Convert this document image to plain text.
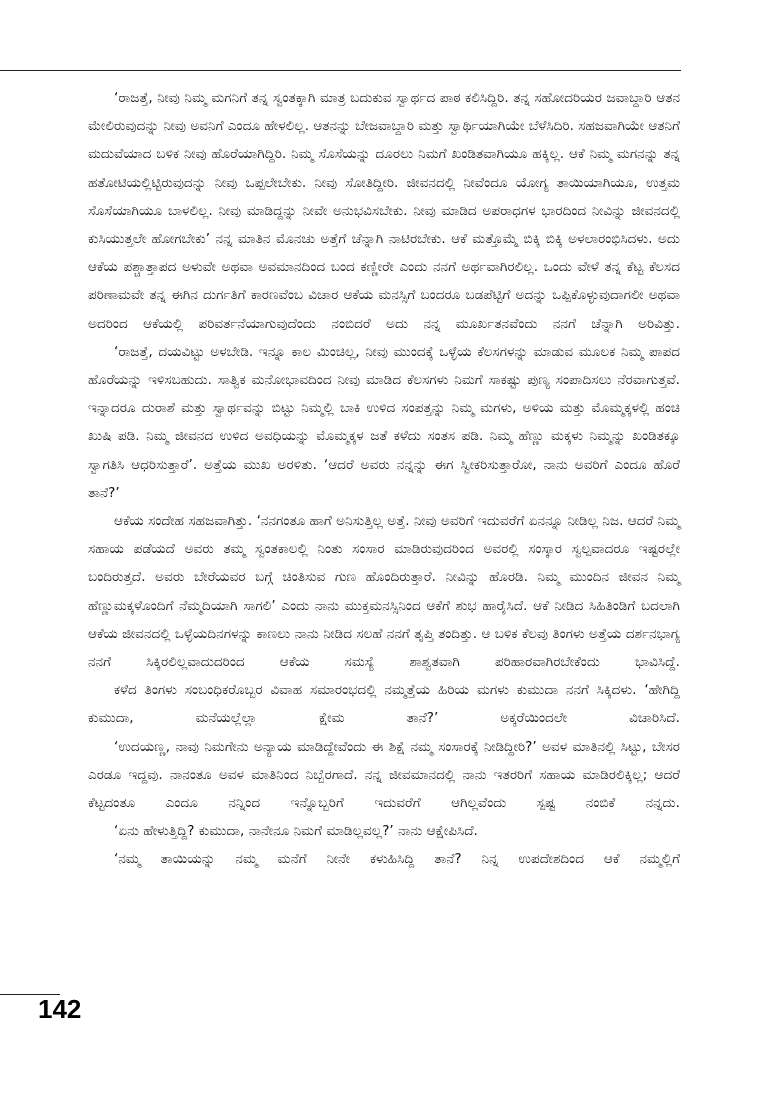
‘ರಾಜತ್ತೆ, ನೀವು ನಿಮ್ಮ ಮಗನಿಗೆ ತನ್ನ ಸ್ವಂತಕ್ಕಾಗಿ ಮಾತ್ರ ಬದುಕುವ ಸ್ವಾರ್ಥದ ಪಾಠ ಕಲಿಸಿದ್ದಿರಿ. ತನ್ನ ಸಹೋದರಿಯರ ಜವಾಬ್ದಾರಿ ಆತನ ಮೇಲಿರುವುದನ್ನು ನೀವು ಅವನಿಗೆ ಎಂದೂ ಹೇಳಲಿಲ್ಲ. ಆತನನ್ನು ಬೇಜವಾಬ್ದಾರಿ ಮತ್ತು ಸ್ವಾರ್ಥಿಯಾಗಿಯೇ ಬೆಳೆಸಿದಿರಿ. ಸಹಜವಾಗಿಯೇ ಆತನಿಗೆ ಮದುವೆಯಾದ ಬಳಿಕ ನೀವು ಹೊರೆಯಾಗಿದ್ದಿರಿ. ನಿಮ್ಮ ಸೊಸೆಯನ್ನು ದೂರಲು ನಿಮಗೆ ಖಂಡಿತವಾಗಿಯೂ ಹಕ್ಕಿಲ್ಲ. ಆಕೆ ನಿಮ್ಮ ಮಗನನ್ನು ತನ್ನ ಹತೋಟಿಯಲ್ಲಿಟ್ಟಿರುವುದನ್ನು ನೀವು ಒಪ್ಪಲೇಬೇಕು. ನೀವು ಸೋತಿದ್ದೀರಿ. ಜೀವನದಲ್ಲಿ ನೀವೆಂದೂ ಯೋಗ್ಯ ತಾಯಿಯಾಗಿಯೂ, ಉತ್ತಮ ಸೊಸೆಯಾಗಿಯೂ ಬಾಳಲಿಲ್ಲ. ನೀವು ಮಾಡಿದ್ದನ್ನು ನೀವೇ ಅನುಭವಿಸಬೇಕು. ನೀವು ಮಾಡಿದ ಅಪರಾಧಗಳ ಭಾರದಿಂದ ನೀವಿನ್ನು ಜೀವನದಲ್ಲಿ ಕುಸಿಯುತ್ತಲೇ ಹೋಗಬೇಕು’ ನನ್ನ ಮಾತಿನ ಮೊನಚು ಅತ್ತೆಗೆ ಚೆನ್ನಾಗಿ ನಾಟಿರಬೇಕು. ಆಕೆ ಮತ್ತೊಮ್ಮೆ ಬಿಕ್ಕಿ ಬಿಕ್ಕಿ ಅಳಲಾರಂಭಿಸಿದಳು. ಅದು ಆಕೆಯ ಪಶ್ಚಾತ್ತಾಪದ ಅಳುವೇ ಅಥವಾ ಅವಮಾನದಿಂದ ಬಂದ ಕಣ್ಣೀರೇ ಎಂದು ನನಗೆ ಅರ್ಥವಾಗಿರಲಿಲ್ಲ. ಒಂದು ವೇಳೆ ತನ್ನ ಕೆಟ್ಟ ಕೆಲಸದ ಪರಿಣಾಮವೇ ತನ್ನ ಈಗಿನ ದುರ್ಗತಿಗೆ ಕಾರಣವೆಂಬ ವಿಚಾರ ಆಕೆಯ ಮನಸ್ಸಿಗೆ ಬಂದರೂ ಬಡಪೆಟ್ಟಿಗೆ ಅದನ್ನು ಒಪ್ಪಿಕೊಳ್ಳುವುದಾಗಲೀ ಅಥವಾ ಅದರಿಂದ ಆಕೆಯಲ್ಲಿ ಪರಿವರ್ತನೆಯಾಗುವುದೆಂದು ನಂಬಿದರೆ ಅದು ನನ್ನ ಮೂರ್ಖತನವೆಂದು ನನಗೆ ಚೆನ್ನಾಗಿ ಅರಿವಿತ್ತು.

‘ರಾಜತ್ತೆ, ದಯವಿಟ್ಟು ಅಳಬೇಡಿ. ಇನ್ನೂ ಕಾಲ ಮಿಂಚಿಲ್ಲ, ನೀವು ಮುಂದಕ್ಕೆ ಒಳ್ಳೆಯ ಕೆಲಸಗಳನ್ನು ಮಾಡುವ ಮೂಲಕ ನಿಮ್ಮ ಪಾಪದ ಹೊರೆಯನ್ನು ಇಳಿಸಬಹುದು. ಸಾತ್ವಿಕ ಮನೋಭಾವದಿಂದ ನೀವು ಮಾಡಿದ ಕೆಲಸಗಳು ನಿಮಗೆ ಸಾಕಷ್ಟು ಪುಣ್ಯ ಸಂಪಾದಿಸಲು ನೆರವಾಗುತ್ತವೆ. ಇನ್ನಾದರೂ ದುರಾಶೆ ಮತ್ತು ಸ್ವಾರ್ಥವನ್ನು ಬಿಟ್ಟು ನಿಮ್ಮಲ್ಲಿ ಬಾಕಿ ಉಳಿದ ಸಂಪತ್ತನ್ನು ನಿಮ್ಮ ಮಗಳು, ಅಳಿಯ ಮತ್ತು ಮೊಮ್ಮಕ್ಕಳಲ್ಲಿ ಹಂಚಿ ಖುಷಿ ಪಡಿ. ನಿಮ್ಮ ಜೀವನದ ಉಳಿದ ಅವಧಿಯನ್ನು ಮೊಮ್ಮಕ್ಕಳ ಜತೆ ಕಳೆದು ಸಂತಸ ಪಡಿ. ನಿಮ್ಮ ಹೆಣ್ಣು ಮಕ್ಕಳು ನಿಮ್ಮನ್ನು ಖಂಡಿತಕ್ಕೂ ಸ್ವಾಗತಿಸಿ ಆಧರಿಸುತ್ತಾರೆ’. ಅತ್ತೆಯ ಮುಖ ಅರಳಿತು. ‘ಆದರೆ ಅವರು ನನ್ನನ್ನು ಈಗ ಸ್ವೀಕರಿಸುತ್ತಾರೋ, ನಾನು ಅವರಿಗೆ ಎಂದೂ ಹೊರೆ ತಾನೆ?’

ಆಕೆಯ ಸಂದೇಹ ಸಹಜವಾಗಿತ್ತು. ‘ನನಗಂತೂ ಹಾಗೆ ಅನಿಸುತ್ತಿಲ್ಲ ಅತ್ತೆ. ನೀವು ಅವರಿಗೆ ಇದುವರೆಗೆ ಏನನ್ನೂ ನೀಡಿಲ್ಲ ನಿಜ. ಆದರೆ ನಿಮ್ಮ ಸಹಾಯ ಪಡೆಯದೆ ಅವರು ತಮ್ಮ ಸ್ವಂತಕಾಲಲ್ಲಿ ನಿಂತು ಸಂಸಾರ ಮಾಡಿರುವುದರಿಂದ ಅವರಲ್ಲಿ ಸಂಸ್ಕಾರ ಸ್ವಲ್ಪವಾದರೂ ಇಷ್ಟರಲ್ಲೇ ಬಂದಿರುತ್ತದೆ. ಅವರು ಬೇರೆಯವರ ಬಗ್ಗೆ ಚಿಂತಿಸುವ ಗುಣ ಹೊಂದಿರುತ್ತಾರೆ. ನೀವಿನ್ನು ಹೊರಡಿ. ನಿಮ್ಮ ಮುಂದಿನ ಜೀವನ ನಿಮ್ಮ ಹೆಣ್ಣುಮಕ್ಕಳೊಂದಿಗೆ ನೆಮ್ಮದಿಯಾಗಿ ಸಾಗಲಿ’ ಎಂದು ನಾನು ಮುಕ್ತಮನಸ್ಸಿನಿಂದ ಆಕೆಗೆ ಶುಭ ಹಾರೈಸಿದೆ. ಆಕೆ ನೀಡಿದ ಸಿಹಿತಿಂಡಿಗೆ ಬದಲಾಗಿ ಆಕೆಯ ಜೀವನದಲ್ಲಿ ಒಳ್ಳೆಯದಿನಗಳನ್ನು ಕಾಣಲು ನಾನು ನೀಡಿದ ಸಲಹೆ ನನಗೆ ತೃಪ್ತಿ ತಂದಿತ್ತು. ಆ ಬಳಿಕ ಕೆಲವು ತಿಂಗಳು ಅತ್ತೆಯ ದರ್ಶನಭಾಗ್ಯ ನನಗೆ ಸಿಕ್ಕಿರಲಿಲ್ಲವಾದುದರಿಂದ ಆಕೆಯ ಸಮಸ್ಯೆ ಶಾಶ್ವತವಾಗಿ ಪರಿಹಾರವಾಗಿರಬೇಕೆಂದು ಭಾವಿಸಿದ್ದೆ.

ಕಳೆದ ತಿಂಗಳು ಸಂಬಂಧಿಕರೊಬ್ಬರ ವಿವಾಹ ಸಮಾರಂಭದಲ್ಲಿ ನಮ್ಮತ್ತೆಯ ಹಿರಿಯ ಮಗಳು ಕುಮುದಾ ನನಗೆ ಸಿಕ್ಕಿದಳು. ‘ಹೇಗಿದ್ದಿ ಕುಮುದಾ, ಮನೆಯಲ್ಲೆಲ್ಲಾ ಕ್ಷೇಮ ತಾನೆ?’ ಅಕ್ಕರೆಯಿಂದಲೇ ವಿಚಾರಿಸಿದೆ.

‘ಉದಯಣ್ಣ, ನಾವು ನಿಮಗೇನು ಅನ್ಯಾಯ ಮಾಡಿದ್ದೇವೆಂದು ಈ ಶಿಕ್ಷೆ ನಮ್ಮ ಸಂಸಾರಕ್ಕೆ ನೀಡಿದ್ದೀರಿ?’ ಅವಳ ಮಾತಿನಲ್ಲಿ ಸಿಟ್ಟು, ಬೇಸರ ಎರಡೂ ಇದ್ದವು. ನಾನಂತೂ ಅವಳ ಮಾತಿನಿಂದ ನಿಬ್ಬೆರಗಾದೆ. ನನ್ನ ಜೀವಮಾನದಲ್ಲಿ ನಾನು ಇತರರಿಗೆ ಸಹಾಯ ಮಾಡಿರಲಿಕ್ಕಿಲ್ಲ; ಆದರೆ ಕೆಟ್ಟದಂತೂ ಎಂದೂ ನನ್ನಿಂದ ಇನ್ನೊಬ್ಬರಿಗೆ ಇದುವರೆಗೆ ಆಗಿಲ್ಲವೆಂದು ಸ್ಪಷ್ಟ ನಂಬಿಕೆ ನನ್ನದು.

‘ಏನು ಹೇಳುತ್ತಿದ್ದಿ? ಕುಮುದಾ, ನಾನೇನೂ ನಿಮಗೆ ಮಾಡಿಲ್ಲವಲ್ಲ?’ ನಾನು ಆಕ್ಷೇಪಿಸಿದೆ.

‘ನಮ್ಮ ತಾಯಿಯನ್ನು ನಮ್ಮ ಮನೆಗೆ ನೀನೇ ಕಳುಹಿಸಿದ್ದಿ ತಾನೆ? ನಿನ್ನ ಉಪದೇಶದಿಂದ ಆಕೆ ನಮ್ಮಲ್ಲಿಗೆ

142
